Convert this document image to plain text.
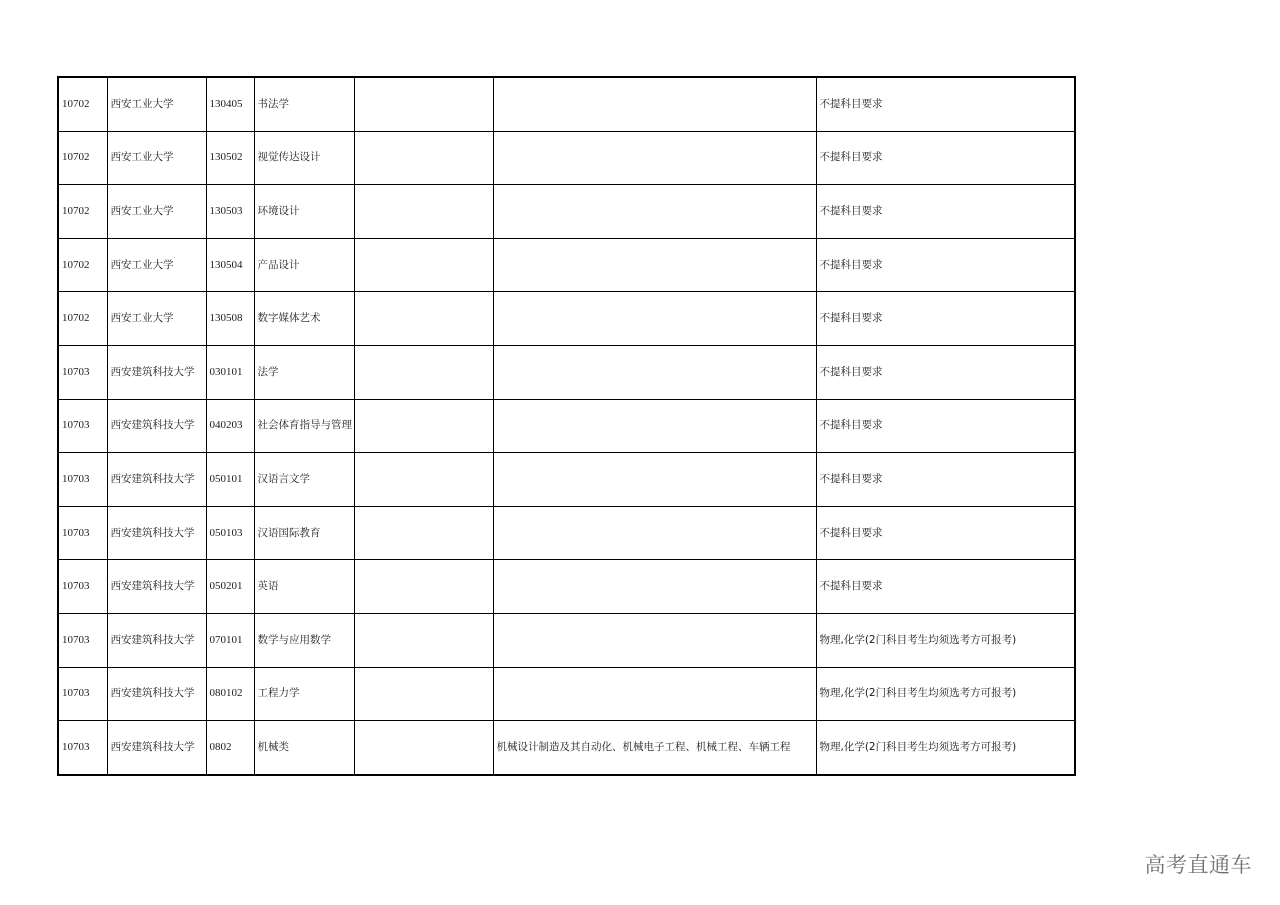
10702	西安工业大学	130405	书法学			不提科目要求
10702	西安工业大学	130502	视觉传达设计			不提科目要求
10702	西安工业大学	130503	环境设计			不提科目要求
10702	西安工业大学	130504	产品设计			不提科目要求
10702	西安工业大学	130508	数字媒体艺术			不提科目要求
10703	西安建筑科技大学	030101	法学			不提科目要求
10703	西安建筑科技大学	040203	社会体育指导与管理			不提科目要求
10703	西安建筑科技大学	050101	汉语言文学			不提科目要求
10703	西安建筑科技大学	050103	汉语国际教育			不提科目要求
10703	西安建筑科技大学	050201	英语			不提科目要求
10703	西安建筑科技大学	070101	数学与应用数学			物理,化学(2门科目考生均须选考方可报考)
10703	西安建筑科技大学	080102	工程力学			物理,化学(2门科目考生均须选考方可报考)
10703	西安建筑科技大学	0802	机械类		机械设计制造及其自动化、机械电子工程、机械工程、车辆工程	物理,化学(2门科目考生均须选考方可报考)
高考直通车
